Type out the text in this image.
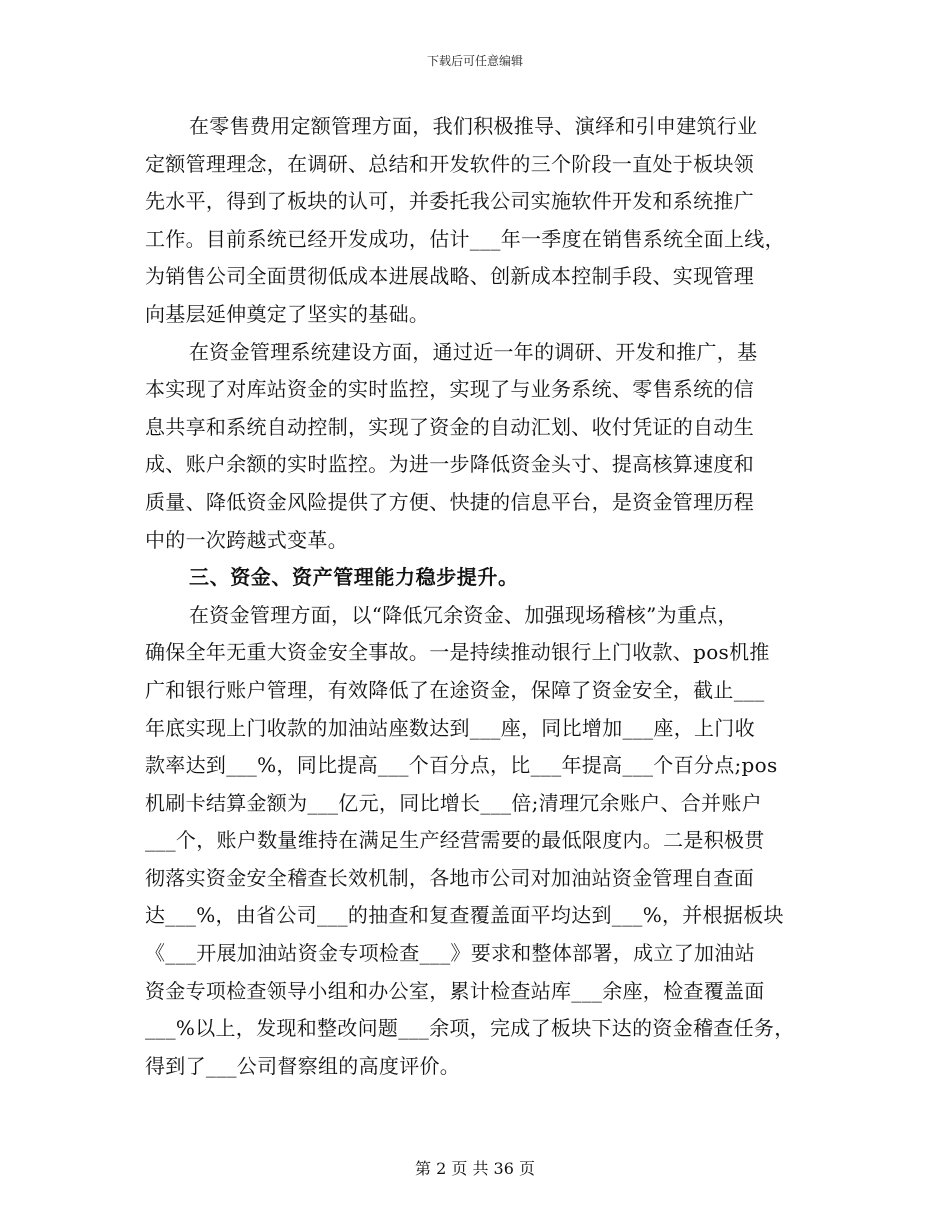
下载后可任意编辑
在零售费用定额管理方面，我们积极推导、演绎和引申建筑行业
定额管理理念，在调研、总结和开发软件的三个阶段一直处于板块领
先水平，得到了板块的认可，并委托我公司实施软件开发和系统推广
工作。目前系统已经开发成功，估计___年一季度在销售系统全面上线，
为销售公司全面贯彻低成本进展战略、创新成本控制手段、实现管理
向基层延伸奠定了坚实的基础。
在资金管理系统建设方面，通过近一年的调研、开发和推广，基
本实现了对库站资金的实时监控，实现了与业务系统、零售系统的信
息共享和系统自动控制，实现了资金的自动汇划、收付凭证的自动生
成、账户余额的实时监控。为进一步降低资金头寸、提高核算速度和
质量、降低资金风险提供了方便、快捷的信息平台，是资金管理历程
中的一次跨越式变革。
三、资金、资产管理能力稳步提升。
在资金管理方面，以“降低冗余资金、加强现场稽核”为重点，
确保全年无重大资金安全事故。一是持续推动银行上门收款、pos机推
广和银行账户管理，有效降低了在途资金，保障了资金安全，截止___
年底实现上门收款的加油站座数达到___座，同比增加___座，上门收
款率达到___%，同比提高___个百分点，比___年提高___个百分点;pos
机刷卡结算金额为___亿元，同比增长___倍;清理冗余账户、合并账户
___个，账户数量维持在满足生产经营需要的最低限度内。二是积极贯
彻落实资金安全稽查长效机制，各地市公司对加油站资金管理自查面
达___%，由省公司___的抽查和复查覆盖面平均达到___%，并根据板块
《___开展加油站资金专项检查___》要求和整体部署，成立了加油站
资金专项检查领导小组和办公室，累计检查站库___余座，检查覆盖面
___%以上，发现和整改问题___余项，完成了板块下达的资金稽查任务，
得到了___公司督察组的高度评价。
第 2 页 共 36 页
